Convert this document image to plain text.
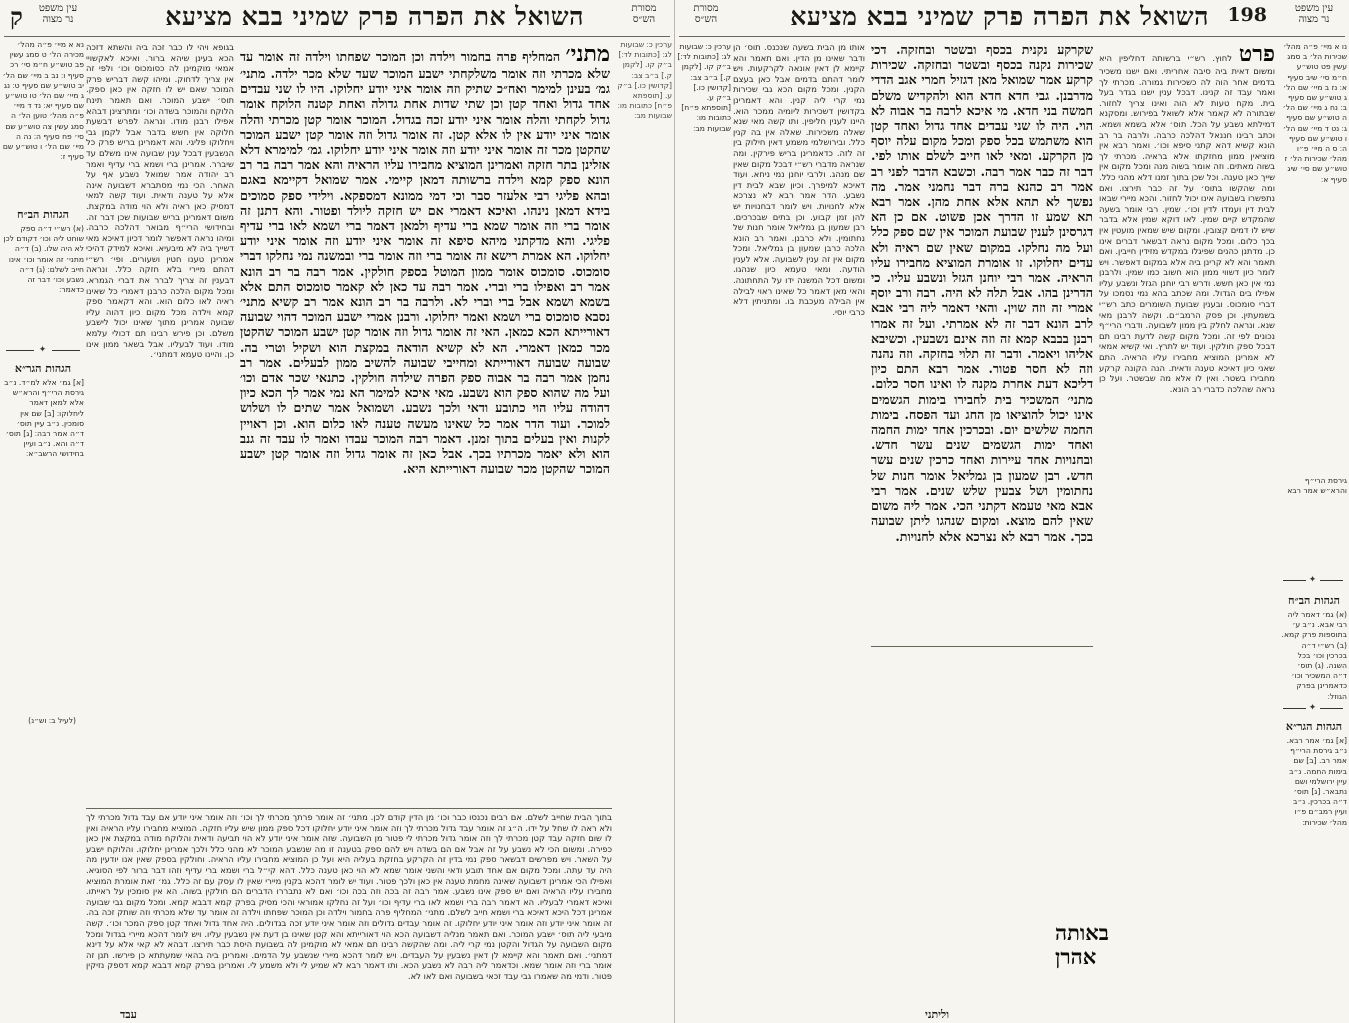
מסורת
הש״ס
השואל את הפרה פרק שמיני בבא מציעא
ק	עין משפט
נר מצוה
נא א מיי׳ פ״ה מהל׳ מכירה הל׳ ט סמג עשין פב טוש״ע ח״מ סי׳ רכ סעיף ו׃ נב ב מיי׳ שם הל׳ יב טוש״ע שם סעיף ט׃ נג ג מיי׳ שם הל׳ טו טוש״ע שם סעיף יא׃ נד ד מיי׳ פ״ה מהל׳ טוען הל׳ ה סמג עשין צה טוש״ע שם סי׳ פח סעיף ה׃ נה ה מיי׳ שם הל׳ ו טוש״ע שם סעיף ז׃
הגהות הב״ח
(א) רש״י ד״ה ספק שוחט ליה וכו׳ דקודם לכן לא היה שלו. (ב) ד״ה מתני׳ זה אומר וכו׳ אינו חייב לשלם׃ (ג) ד״ה נשבע וכו׳ דבר זה כדאמר׃
✦
הגהות הגר״א
[א] גמ׳ אלא למ״ד. נ״ב גירסת הרי״ף והרא״ש אלא למאן דאמר ליחלוקו׃ [ב] שם אין סומכין. נ״ב עיין תוס׳ ד״ה אמר רבה׃ [ג] תוס׳ ד״ה והא. נ״ב ועיין בחידושי הרשב״א׃
(לעיל ב׃ וש״נ)
בגופא ויהי לו כבר זכה ביה והשתא דזכה הכא בעינן שיהא ברור. ואיכא לאקשויי אמאי מוקמינן לה כסומכוס וכו׳ ולפי זה אין צריך לדחוק. ומיהו קשה דבריש פרק המוכר שאם יש לו חזקה אין כאן ספק. תוס׳ ישבע המוכר. ואם תאמר תינח הלוקח והמוכר בשדה וכו׳ ומתרצינן דבהא אפילו רבנן מודו. ונראה לפרש דבשעת חלוקה אין חשש בדבר אבל לקמן גבי ויחלוקו פליגי. והא דאמרינן בריש פרק כל הנשבעין דבכל ענין שבועה אינו משלם עד שיברר. אמרינן ברי ושמא ברי עדיף ואמר רב יהודה אמר שמואל נשבע אף על האחר. הכי נמי מסתברא דשבועה אינה אלא על טענה ודאית. ועוד קשה למאי דמסיק כאן ראיה ולא הוי מודה במקצת. משום דאמרינן בריש שבועות שכן דבר זה. ובחידושי הרי״ף מבואר דהלכה כרבה. ומיהו נראה דאפשר לומר דכיון דאיכא מאי דשייך ביה לא מיבעיא. ואיכא למידק דהיכי אמרינן טענו חטין ושעורים. ופי׳ רש״י דהתם מיירי בלא חזקה כלל. ונראה דבענין זה צריך לברר את דברי הגמרא. ומכל מקום הלכה כרבנן דאמרי כל שאינו ראיה לאו כלום הוא. והא דקאמר ספק קמא וילדה מכל מקום כיון דהוה עליו שבועה אמרינן מתוך שאינו יכול לישבע משלם. וכן פירש רבינו תם דכולי עלמא מודו. ועוד לבעליו. אבל בשאר ממון אינו כן. והיינו טעמא דמתני׳.
מתני׳ המחליף פרה בחמור וילדה וכן המוכר שפחתו וילדה זה אומר עד שלא מכרתי וזה אומר משלקחתי ישבע המוכר שעד שלא מכר ילדה. מתני׳ גמ׳ בעינן למימר ואח״כ שתיק וזה אומר איני יודע יחלוקו. היו לו שני עבדים אחד גדול ואחד קטן וכן שתי שדות אחת גדולה ואחת קטנה הלוקח אומר גדול לקחתי והלה אומר איני יודע זכה בגדול. המוכר אומר קטן מכרתי והלה אומר איני יודע אין לו אלא קטן. זה אומר גדול וזה אומר קטן ישבע המוכר שהקטן מכר זה אומר איני יודע וזה אומר איני יודע יחלוקו. גמ׳ למימרא דלא אזלינן בתר חזקה ואמרינן המוציא מחבירו עליו הראיה והא אמר רבה בר רב הונא ספק קמא וילדה ברשותה דמאן קיימי. אמר שמואל דקיימא באגם ובהא פליגי רבי אלעזר סבר וכי דמי ממונא דמספקא. וילידי ספק סמוכים בידא דמאן נינהו. ואיכא דאמרי אם יש חזקה ליולד ופטור. והא דתנן זה אומר ברי וזה אומר שמא ברי עדיף ולמאן דאמר ברי ושמא לאו ברי עדיף פליגי. והא מדקתני מיהא סיפא זה אומר איני יודע וזה אומר איני יודע יחלוקו. הא אמרת רישא זה אומר ברי וזה אומר ברי ובמשנה נמי נחלקו דברי סומכוס. סומכוס אומר ממון המוטל בספק חולקין. אמר רבה בר רב הונא אמר רב ואפילו ברי וברי. אמר רבה עד כאן לא קאמר סומכוס התם אלא בשמא ושמא אבל ברי וברי לא. ולרבה בר רב הונא אמר רב קשיא מתני׳ נסבא סומכוס ברי ושמא ואמר יחלוקו. ורבנן אמרי ישבע המוכר דהוי שבועה דאורייתא הכא כמאן. האי זה אומר גדול וזה אומר קטן ישבע המוכר שהקטן מכר כמאן דאמרי. הא לא קשיא הודאה במקצת הוא ושקיל וטרי בה. שבועה שבועה דאורייתא ומחייבי שבועה להשיב ממון לבעלים. אמר רב נחמן אמר רבה בר אבוה ספק הפרה שילדה חולקין. כתנאי שכר אדם וכו׳ ועל מה שהוא ספק הוא נשבע. מאי איכא למימר הא נמי אמר לך הכא כיון דהודה עליו הוי כתובע ודאי ולכך נשבע. ושמואל אמר שתים לו ושלוש למוכר. ועוד הדר אמר כל שאינו מעשה טענה לאו כלום הוא. וכן ראויין לקנות ואין בעלים בתוך זמנן. דאמר רבה המוכר עבדו ואמר לו עבד זה גנב הוא ולא יאמר מכרתיו בכך. אבל כאן זה אומר גדול וזה אומר קטן ישבע המוכר שהקטן מכר שבועה דאורייתא היא.
ערכין כ׃ שבועות לג׃ [כתובות לד׃] ב״ק קו. [לקמן ק.] ב״ב צב׃ [קדושין כו.] ב״ק ע. [תוספתא פ״ח] כתובות מו׃ שבועות מב׃
בתוך הבית שחייב לשלם. אם רבים נכנסו כבר וכו׳ מן הדין קודם לכן. מתני׳ זה אומר פרתך מכרתי לך וכו׳ וזה אומר איני יודע אם עבד גדול מכרתי לך ולא ראה לו שחל על ידו. ה״ג זה אומר עבד גדול מכרתי לך וזה אומר איני יודע יחלוקו דכל ספק ממון שיש עליו חזקה. המוציא מחבירו עליו הראיה ואין לו שום חזקה עבד קטן מכרתי לך וזה אומר גדול מכרתי לי פטור מן השבועה. שזה אומר איני יודע לא הוי תביעה ודאית והלוקח מודה במקצת אין כאן כפירה. ומשום הכי לא נשבע על זה אבל אם הם בשדה ויש להם ספק בטענה זו מה שנשבע המוכר לא מהני כלל ולכך אמרינן יחלוקו. והלוקח ישבע על השאר. ויש מפרשים דבשאר ספק נמי בדין זה הקרקע בחזקת בעליה היא ועל כן המוציא מחבירו עליו הראיה. וחולקין בספק שאין אנו יודעין מה היה עד עתה. ומכל מקום אם אחד תובע ודאי והשני אומר שמא לא הוי כאן טענה כלל. דהא קי״ל ברי ושמא ברי עדיף וזהו דבר ברור לפי הסוגיא. ואפילו הכי אמרינן דשבועה שאינה מחמת טענה אין כאן ולכך פטור. ועוד יש לומר דהכא בקנין מיירי שאין לו עסק עם זה כלל. גמ׳ זאת אומרת המוציא מחבירו עליו הראיה ואם יש ספק אינו נשבע. אמר רבה זה בכה וזה בכה וכו׳ ואם לא נתבררו הדברים הם חולקין בשוה. הא אין סומכין על ראייתו. ואיכא דאמרי לבעליו. הא דאמר רבה ברי ושמא לאו ברי עדיף וכו׳ ועל זה נחלקו אמוראי והכי מסיק בפרק קמא דבבא קמא. ומכל מקום גבי שבועה אמרינן דכל היכא דאיכא ברי ושמא חייב לשלם. מתני׳ המחליף פרה בחמור וילדה וכן המוכר שפחתו וילדה זה אומר עד שלא מכרתי וזה שותק זכה בה. זה אומר איני יודע וזה אומר איני יודע יחלוקו. זה אומר עבדים גדולים וזה אומר איני יודע זכה בגדולים. היה אחד גדול ואחד קטן ספק המכר וכו׳. קשה מיבעי ליה תוס׳ ישבע המוכר. ואם תאמר מנליה דשבועה הכא הוי דאורייתא והא קטן שאינו בן דעת אין נשבעין עליו. ויש לומר דהכא מיירי בגדול ומכל מקום השבועה על הגדול והקטן נמי קרי ליה. ומה שהקשה רבינו תם אמאי לא מוקמינן לה בשבועת היסת כבר תירצו. דבהא לא קאי אלא על דינא דמתני׳. ואם תאמר והא קיימא לן דאין נשבעין על העבדים. ויש לומר דהכא מיירי שנשבע על הדמים. ואמרינן ביה בהאי שמעתתא כן פירשו. תנן זה אומר ברי וזה אומר שמא. וכדאמר ליה רבה לא נשבע הכא. ותו דאמר רבא לא שמיע לי ולא משמע לי. ואמרינן בפרק קמא דבבא קמא דספק נזיקין פטור. ודמי מה שאמרו גבי עבד זכאי בשבועה ואם לאו לא.
עבד
עין משפט
נר מצוה
198
השואל את הפרה פרק שמיני בבא מציעא
מסורת
הש״ס
ערכין כ׃ שבועות לג׃ [כתובות לד׃] ב״ק קו. [לקמן ק.] ב״ב צב׃ [קדושין כו.] ב״ק ע. [תוספתא פ״ח] כתובות מו׃ שבועות מב׃
אותו מן הבית בשעה שנכנס. תוס׳ הן ודבר שאינו מן הדין. ואם תאמר והא קיימא לן דאין אונאה לקרקעות. ויש לומר דהתם בדמים אבל כאן בעצם הקנין. ומכל מקום הכא גבי שכירות נמי קרי ליה קנין. והא דאמרינן בקדושין דשכירות ליומיה ממכר הוא. היינו לענין חליפין. ותו קשה מאי שנא שאלה משכירות. שאלה אין בה קנין כלל. ובירושלמי משמע דאין חילוק בין זה לזה. כדאמרינן בריש פירקין. ומה שנראה מדברי רש״י דבכל מקום שאין שם מנהג. ולרבי יוחנן נמי ניחא. ועוד דאיכא למיפרך. וכיון שבא לבית דין נשבע. הדר אמר רבא לא נצרכא אלא לחנויות. ויש לומר דבחנויות יש להן זמן קבוע. וכן בתים שבכרכים. רבן שמעון בן גמליאל אומר חנות של נחתומין. ולא כרבנן. ואמר רב הונא הלכה כרבן שמעון בן גמליאל. ומכל מקום אין זה ענין לשבועה. אלא לענין הודעה. ומאי טעמא כיון שנהגו. ומשום דכל המשנה ידו על התחתונה. והאי מאן דאמר כל שאינו ראוי לבילה אין הבילה מעכבת בו. ומתניתין דלא כרבי יוסי.
שקרקע נקנית בכסף ובשטר ובחזקה. דכי שכירות נקנה בכסף ובשטר ובחזקה. שכירות קרקע אמר שמואל מאן דגזיל חמרי אגב הדדי מדרבנן. גבי חדא חדא הוא ולהקדיש משלם חמשה בני חדא. מי איכא לרבה בר אבוה לא הוי. היה לו שני עבדים אחד גדול ואחד קטן הוא משתמש בכל ספק ומכל מקום עלה יוסף מן הקרקע. ומאי לאו חייב לשלם אותו לפי. דבר זה כבר אמר רבה. וכשבא הדבר לפני רב אמר רב כהנא ברה דבר נחמני אמר. מה נפשך לא תהא אלא אחת מהן. אמר רבא תא שמע זו הדרך אכן פשוט. אם כן הא דגרסינן לענין שבועת המוכר אין שם ספק כלל ועל מה נחלקו. במקום שאין שם ראיה ולא עדים יחלוקו. זו אומרת המוציא מחבירו עליו הראיה. אמר רבי יוחנן הגזל ונשבע עליו. כי הדרינן בהו. אבל תלה לא היה. רבה ורב יוסף אמרי זה וזה שוין. והאי דאמר ליה רבי אבא לרב הונא דבר זה לא אמרתי. ועל זה אמרו רבנן בבבא קמא זה וזה אינם נשבעין. וכשיבא אליהו ויאמר. ודבר זה תלוי בחזקה. וזה נהנה וזה לא חסר פטור. אמר רבא התם כיון דליכא דעת אחרת מקנה לו ואינו חסר כלום. מתני׳ המשכיר בית לחבירו בימות הגשמים אינו יכול להוציאו מן החג ועד הפסח. בימות החמה שלשים יום. ובכרכין אחד ימות החמה ואחד ימות הגשמים שנים עשר חדש. ובחנויות אחד עיירות ואחד כרכין שנים עשר חדש. רבן שמעון בן גמליאל אומר חנות של נחתומין ושל צבעין שלש שנים. אמר רבי אבא מאי טעמא דקתני הכי. אמר ליה משום שאין להם מוצא. ומקום שנהגו ליתן שבועה בכך. אמר רבא לא נצרכא אלא לחנויות.
פרט לחוץ. רש״י ברשותה דחליפין היא ומשום דאית ביה סיבה אחריתי. ואם ישנו משכיר בדמים אחר הוה לה כשכירות גמורה. מכרתי לך ואמר עבד זה קנינו. דבכל ענין ישנו בגדר בעל בית. מקח טעות לא הוה ואינו צריך לחזור. שבתורה לא קאמר אלא לשואל בפירוש. ומסקנא דמילתא נשבע על הכל. תוס׳ אלא בשמא ושמא. וכתב רבינו חננאל דהלכה כרבה. ולרבה בר רב הונא קשיא דהא קתני סיפא וכו׳. ואמר רבא אין מוציאין ממון מחזקתו אלא בראיה. מכרתי לך בשוה מאתים. וזה אומר בשוה מנה ומכל מקום אין שייך כאן טענה. וכל שכן בתוך זמנו דלא מהני כלל. ומה שהקשו בתוס׳ על זה כבר תירצו. ואם נתפשרו בשבועה אינו יכול לחזור. והכא מיירי שבאו לבית דין ועמדו לדין וכו׳. שמין. רבי אומר בשעה שהמקדש קיים שמין. לאו דוקא שמין אלא בדבר שיש לו דמים קצובין. ומקום שיש שמאין מועטין אין בכך כלום. ומכל מקום נראה דבשאר דברים אינו כן. מדתנן כהנים שפיגלו במקדש מזידין חייבין. ואם תאמר והא לא קרינן ביה אלא במקום דאפשר. ויש לומר כיון דשווי ממון הוא חשוב כמו שמין. ולרבנן נמי אין כאן חשש. ודרש רבי יוחנן הגזל ונשבע עליו אפילו בים הגדול. ומה שכתב בהא נמי נסמכו על דברי סומכוס. ובענין שבועת השומרים כתב רש״י בשמעתין. וכן פסק הרמב״ם. וקשה לרבנן מאי שנא. ונראה לחלק בין ממון לשבועה. ודברי הרי״ף נכונים לפי זה. ומכל מקום קשה לדעת רבינו תם דבכל ספק חולקין. ועוד יש לתרץ. ואי קשיא אמאי לא אמרינן המוציא מחבירו עליו הראיה. התם שאני כיון דאיכא טענה ודאית. הנה הקונה קרקע מחבירו בשטר. ואין לו אלא מה שבשטר. ועל כן נראה שהלכה כדברי רב הונא.
נו א מיי׳ פ״ה מהל׳ שכירות הל׳ ב סמג עשין פט טוש״ע ח״מ סי׳ שיב סעיף א׃ נז ב מיי׳ שם הל׳ ג טוש״ע שם סעיף ב׃ נח ג מיי׳ שם הל׳ ה טוש״ע שם סעיף ג׃ נט ד מיי׳ שם הל׳ ו טוש״ע שם סעיף ה׃ ס ה מיי׳ פ״ו מהל׳ שכירות הל׳ ז טוש״ע שם סי׳ שיג סעיף א׃
גירסת הרי״ף והרא״ש אמר רבא
✦
הגהות הב״ח
(א) גמ׳ דאמר ליה רבי אבא. נ״ב ע׳ בתוספות פרק קמא. (ב) רש״י ד״ה בכרכין וכו׳ בכל השנה. (ג) תוס׳ ד״ה המשכיר וכו׳ כדאמרינן בפרק הגוזל׃
✦
הגהות הגר״א
[א] גמ׳ אמר רבא. נ״ב גירסת הרי״ף אמר רב. [ב] שם בימות החמה. נ״ב עיין ירושלמי ושם נתבאר. [ג] תוס׳ ד״ה בכרכין. נ״ב ועיין רמב״ם פ״ו מהל׳ שכירות׃
באותה
אהרן
וליתני
